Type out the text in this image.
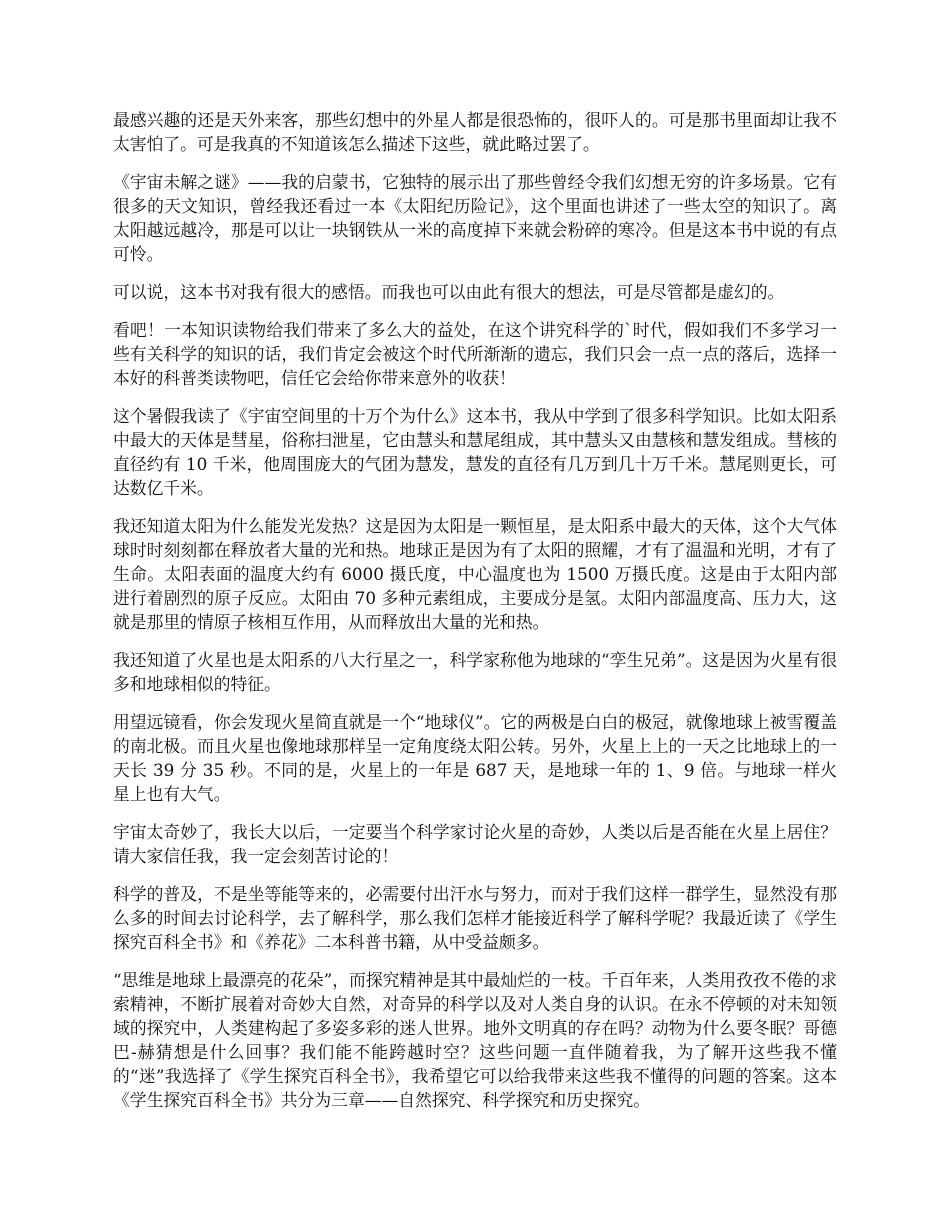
最感兴趣的还是天外来客，那些幻想中的外星人都是很恐怖的，很吓人的。可是那书里面却让我不太害怕了。可是我真的不知道该怎么描述下这些，就此略过罢了。

《宇宙未解之谜》——我的启蒙书，它独特的展示出了那些曾经令我们幻想无穷的许多场景。它有很多的天文知识，曾经我还看过一本《太阳纪历险记》，这个里面也讲述了一些太空的知识了。离太阳越远越冷，那是可以让一块钢铁从一米的高度掉下来就会粉碎的寒冷。但是这本书中说的有点可怜。

可以说，这本书对我有很大的感悟。而我也可以由此有很大的想法，可是尽管都是虚幻的。

看吧！一本知识读物给我们带来了多么大的益处，在这个讲究科学的`时代，假如我们不多学习一些有关科学的知识的话，我们肯定会被这个时代所渐渐的遗忘，我们只会一点一点的落后，选择一本好的科普类读物吧，信任它会给你带来意外的收获！

这个暑假我读了《宇宙空间里的十万个为什么》这本书，我从中学到了很多科学知识。比如太阳系中最大的天体是彗星，俗称扫泄星，它由慧头和慧尾组成，其中慧头又由慧核和慧发组成。彗核的直径约有 10 千米，他周围庞大的气团为慧发，慧发的直径有几万到几十万千米。慧尾则更长，可达数亿千米。

我还知道太阳为什么能发光发热？这是因为太阳是一颗恒星，是太阳系中最大的天体，这个大气体球时时刻刻都在释放者大量的光和热。地球正是因为有了太阳的照耀，才有了温温和光明，才有了生命。太阳表面的温度大约有 6000 摄氏度，中心温度也为 1500 万摄氏度。这是由于太阳内部进行着剧烈的原子反应。太阳由 70 多种元素组成，主要成分是氢。太阳内部温度高、压力大，这就是那里的情原子核相互作用，从而释放出大量的光和热。

我还知道了火星也是太阳系的八大行星之一，科学家称他为地球的“孪生兄弟”。这是因为火星有很多和地球相似的特征。

用望远镜看，你会发现火星简直就是一个“地球仪”。它的两极是白白的极冠，就像地球上被雪覆盖的南北极。而且火星也像地球那样呈一定角度绕太阳公转。另外，火星上上的一天之比地球上的一天长 39 分 35 秒。不同的是，火星上的一年是 687 天，是地球一年的 1、9 倍。与地球一样火星上也有大气。

宇宙太奇妙了，我长大以后，一定要当个科学家讨论火星的奇妙，人类以后是否能在火星上居住？请大家信任我，我一定会刻苦讨论的！

科学的普及，不是坐等能等来的，必需要付出汗水与努力，而对于我们这样一群学生，显然没有那么多的时间去讨论科学，去了解科学，那么我们怎样才能接近科学了解科学呢？我最近读了《学生探究百科全书》和《养花》二本科普书籍，从中受益颇多。

“思维是地球上最漂亮的花朵”，而探究精神是其中最灿烂的一枝。千百年来，人类用孜孜不倦的求索精神，不断扩展着对奇妙大自然，对奇异的科学以及对人类自身的认识。在永不停顿的对未知领域的探究中，人类建构起了多姿多彩的迷人世界。地外文明真的存在吗？动物为什么要冬眠？哥德巴-赫猜想是什么回事？我们能不能跨越时空？这些问题一直伴随着我，为了解开这些我不懂的“迷”我选择了《学生探究百科全书》，我希望它可以给我带来这些我不懂得的问题的答案。这本《学生探究百科全书》共分为三章——自然探究、科学探究和历史探究。
